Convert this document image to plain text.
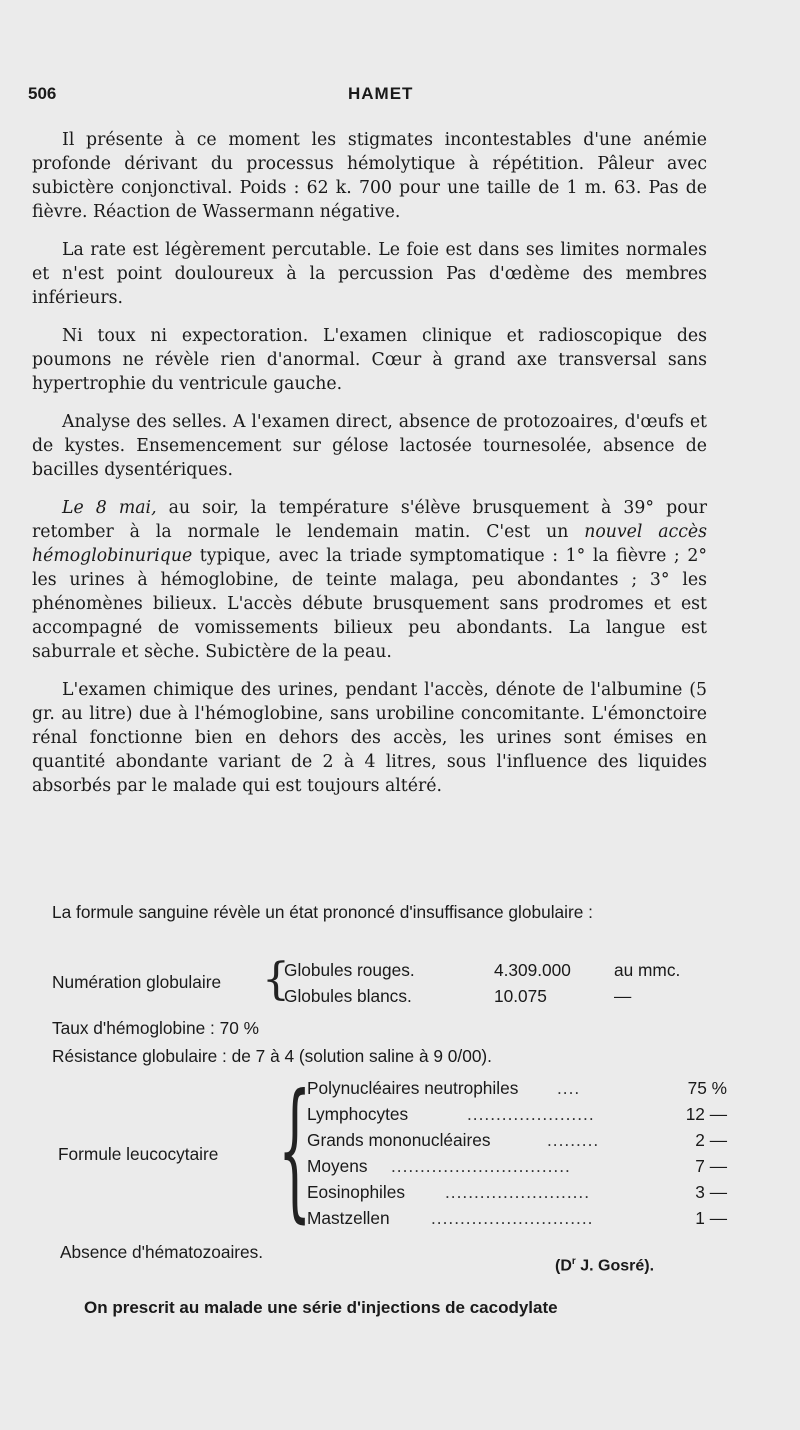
506	HAMET

Il présente à ce moment les stigmates incontestables d'une anémie profonde dérivant du processus hémolytique à répétition. Pâleur avec subictère conjonctival. Poids : 62 k. 700 pour une taille de 1 m. 63. Pas de fièvre. Réaction de Wassermann négative.

La rate est légèrement percutable. Le foie est dans ses limites normales et n'est point douloureux à la percussion Pas d'œdème des membres inférieurs.

Ni toux ni expectoration. L'examen clinique et radioscopique des poumons ne révèle rien d'anormal. Cœur à grand axe transversal sans hypertrophie du ventricule gauche.

Analyse des selles. A l'examen direct, absence de protozoaires, d'œufs et de kystes. Ensemencement sur gélose lactosée tournesolée, absence de bacilles dysentériques.

Le 8 mai, au soir, la température s'élève brusquement à 39° pour retomber à la normale le lendemain matin. C'est un nouvel accès hémoglobinurique typique, avec la triade symptomatique : 1° la fièvre ; 2° les urines à hémoglobine, de teinte malaga, peu abondantes ; 3° les phénomènes bilieux. L'accès débute brusquement sans prodromes et est accompagné de vomissements bilieux peu abondants. La langue est saburrale et sèche. Subictère de la peau.

L'examen chimique des urines, pendant l'accès, dénote de l'albumine (5 gr. au litre) due à l'hémoglobine, sans urobiline concomitante. L'émonctoire rénal fonctionne bien en dehors des accès, les urines sont émises en quantité abondante variant de 2 à 4 litres, sous l'influence des liquides absorbés par le malade qui est toujours altéré.

La formule sanguine révèle un état prononcé d'insuffisance globulaire :

Numération globulaire {
Globules rouges.	4.309.000 au mmc.
Globules blancs.	10.075	—
Taux d'hémoglobine : 70 %
Résistance globulaire : de 7 à 4 (solution saline à 9 0/00).
Formule leucocytaire {
Polynucléaires neutrophiles ....	75 %
Lymphocytes	......................	12 —
Grands mononucléaires	.........	2 —
Moyens ...............................	7 —
Eosinophiles .........................	3 —
Mastzellen ............................	1 —
Absence d'hématozoaires.
($D^r$ J. Gosré).
On prescrit au malade une série d'injections de cacodylate
